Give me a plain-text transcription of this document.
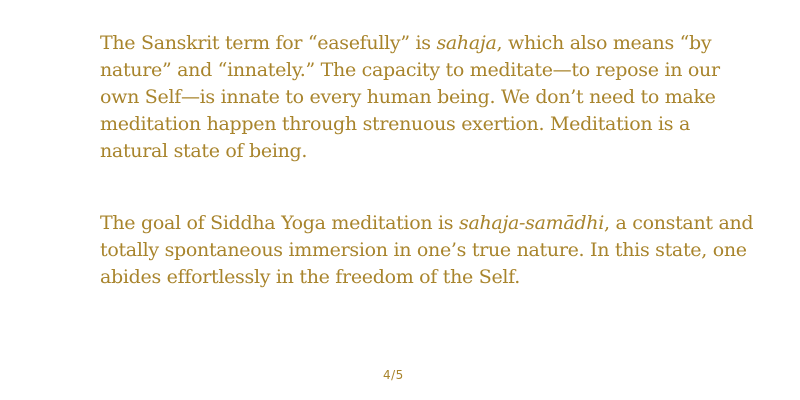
The Sanskrit term for “easefully” is sahaja, which also means “by
nature” and “innately.” The capacity to meditate—to repose in our
own Self—is innate to every human being. We don’t need to make
meditation happen through strenuous exertion. Meditation is a
natural state of being.

The goal of Siddha Yoga meditation is sahaja-samādhi, a constant and
totally spontaneous immersion in one’s true nature. In this state, one
abides effortlessly in the freedom of the Self.

4/5
